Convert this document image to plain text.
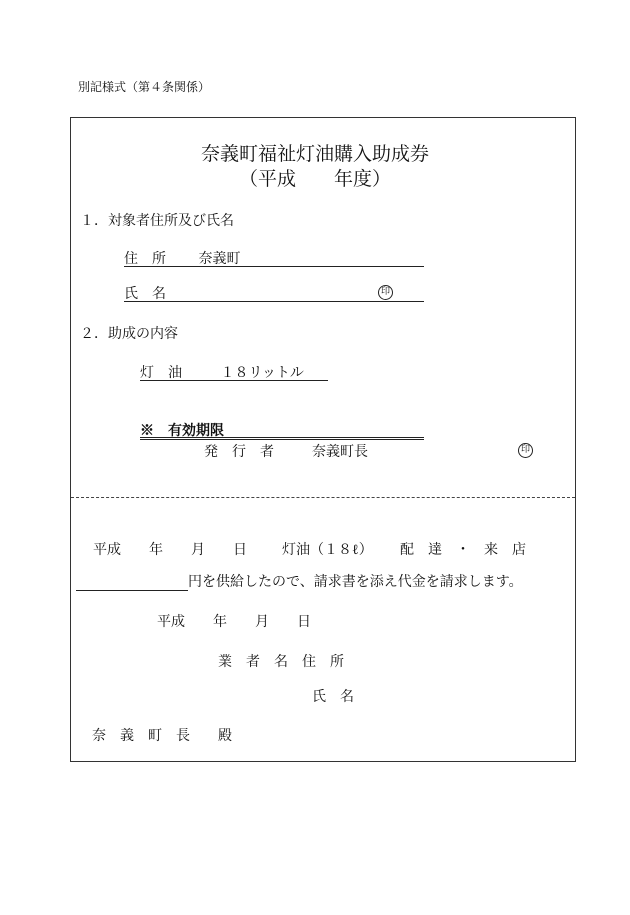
別記様式（第４条関係）
奈義町福祉灯油購入助成券
（平成　　年度）
１．対象者住所及び氏名
住　所 奈義町
氏　名	印
２．助成の内容
灯　油	１８リットル
※　有効期限
発　行　者	奈義町長	印
平成　　年　　月　　日	灯油（１８ℓ） 配　達　・　来　店
円を供給したので、請求書を添え代金を請求します。
平成　　年　　月　　日
業　者　名　住　所
氏　名
奈　義　町　長　　殿
